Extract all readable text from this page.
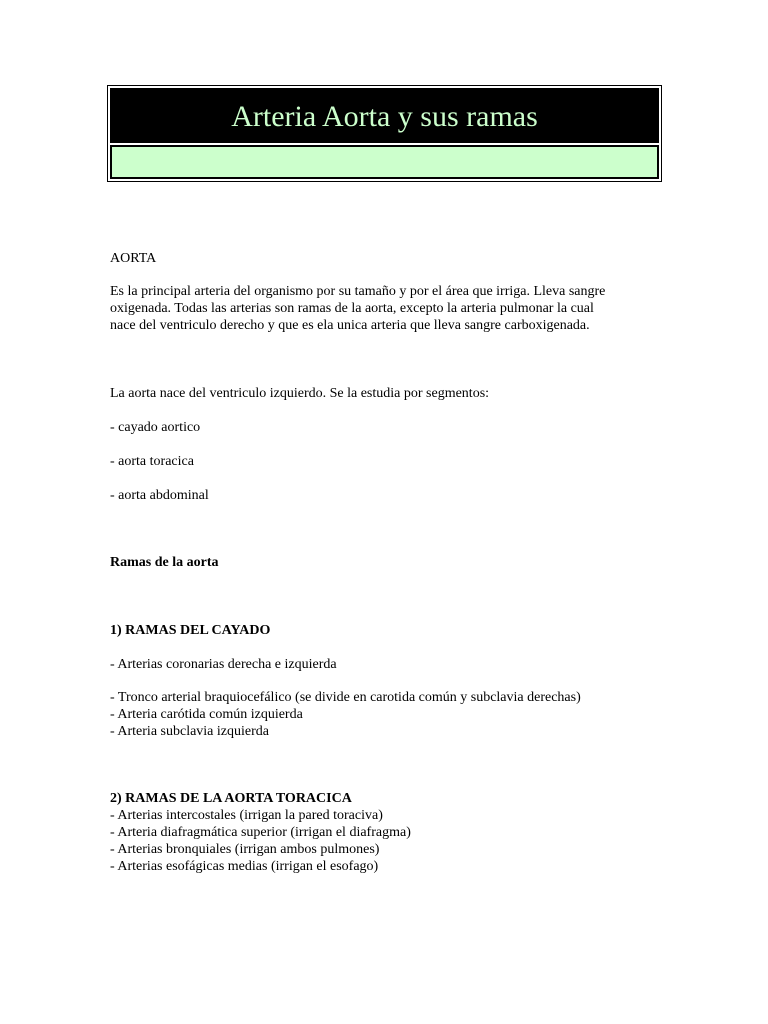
Arteria Aorta y sus ramas
AORTA
Es la principal arteria del organismo por su tamaño y por el área que irriga. Lleva sangre
oxigenada. Todas las arterias son ramas de la aorta, excepto la arteria pulmonar la cual
nace del ventriculo derecho y que es ela unica arteria que lleva sangre carboxigenada.
La aorta nace del ventriculo izquierdo. Se la estudia por segmentos:
- cayado aortico
- aorta toracica
- aorta abdominal
Ramas de la aorta
1) RAMAS DEL CAYADO
- Arterias coronarias derecha e izquierda
- Tronco arterial braquiocefálico (se divide en carotida común y subclavia derechas)
- Arteria carótida común izquierda
- Arteria subclavia izquierda
2) RAMAS DE LA AORTA TORACICA
- Arterias intercostales (irrigan la pared toraciva)
- Arteria diafragmática superior (irrigan el diafragma)
- Arterias bronquiales (irrigan ambos pulmones)
- Arterias esofágicas medias (irrigan el esofago)
